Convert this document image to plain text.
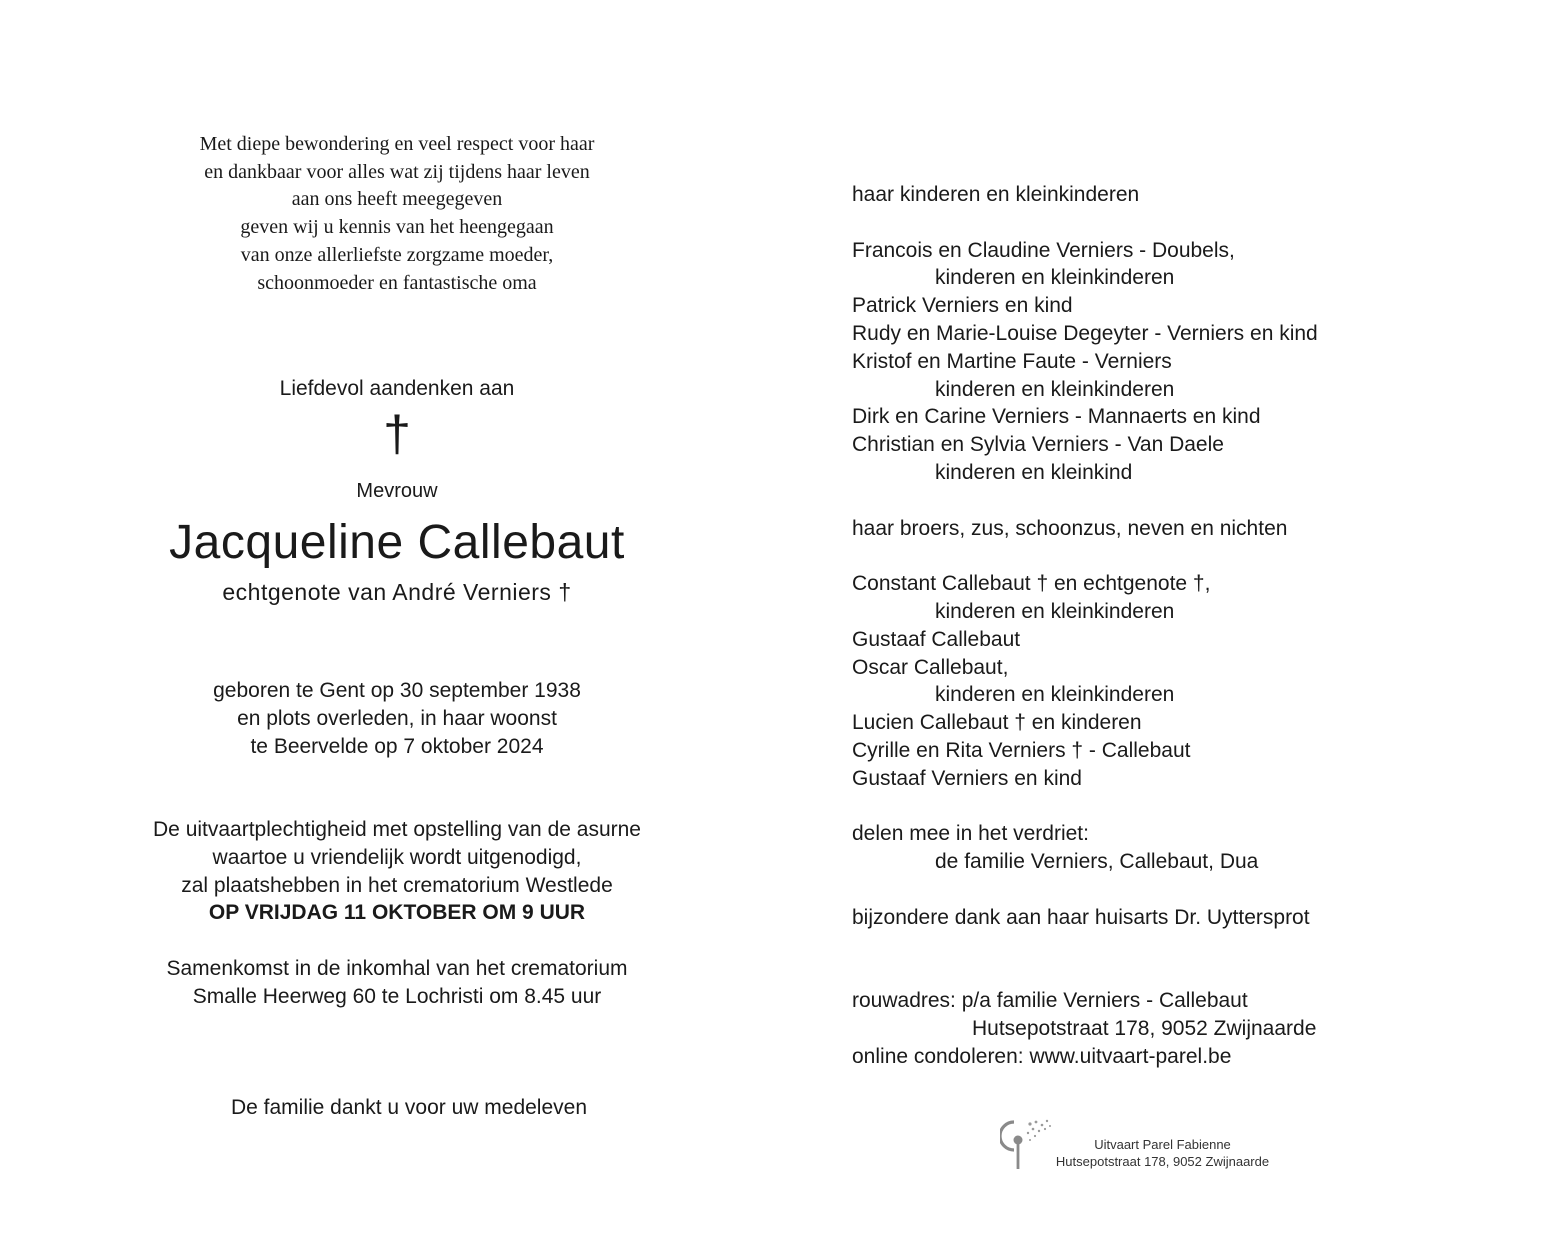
Met diepe bewondering en veel respect voor haar
en dankbaar voor alles wat zij tijdens haar leven
aan ons heeft meegegeven
geven wij u kennis van het heengegaan
van onze allerliefste zorgzame moeder,
schoonmoeder en fantastische oma
Liefdevol aandenken aan
†
Mevrouw
Jacqueline Callebaut
echtgenote van André Verniers †
geboren te Gent op 30 september 1938
en plots overleden, in haar woonst
te Beervelde op 7 oktober 2024
De uitvaartplechtigheid met opstelling van de asurne
waartoe u vriendelijk wordt uitgenodigd,
zal plaatshebben in het crematorium Westlede
OP VRIJDAG 11 OKTOBER OM 9 UUR
Samenkomst in de inkomhal van het crematorium
Smalle Heerweg 60 te Lochristi om 8.45 uur
De familie dankt u voor uw medeleven
haar kinderen en kleinkinderen
Francois en Claudine Verniers - Doubels,
kinderen en kleinkinderen
Patrick Verniers en kind
Rudy en Marie-Louise Degeyter - Verniers en kind
Kristof en Martine Faute - Verniers
kinderen en kleinkinderen
Dirk en Carine Verniers - Mannaerts en kind
Christian en Sylvia Verniers - Van Daele
kinderen en kleinkind
haar broers, zus, schoonzus, neven en nichten
Constant Callebaut † en echtgenote †,
kinderen en kleinkinderen
Gustaaf Callebaut
Oscar Callebaut,
kinderen en kleinkinderen
Lucien Callebaut † en kinderen
Cyrille en Rita Verniers † - Callebaut
Gustaaf Verniers en kind
delen mee in het verdriet:
de familie Verniers, Callebaut, Dua
bijzondere dank aan haar huisarts Dr. Uyttersprot
rouwadres: p/a familie Verniers - Callebaut
Hutsepotstraat 178, 9052 Zwijnaarde
online condoleren: www.uitvaart-parel.be
Uitvaart Parel Fabienne
Hutsepotstraat 178, 9052 Zwijnaarde
